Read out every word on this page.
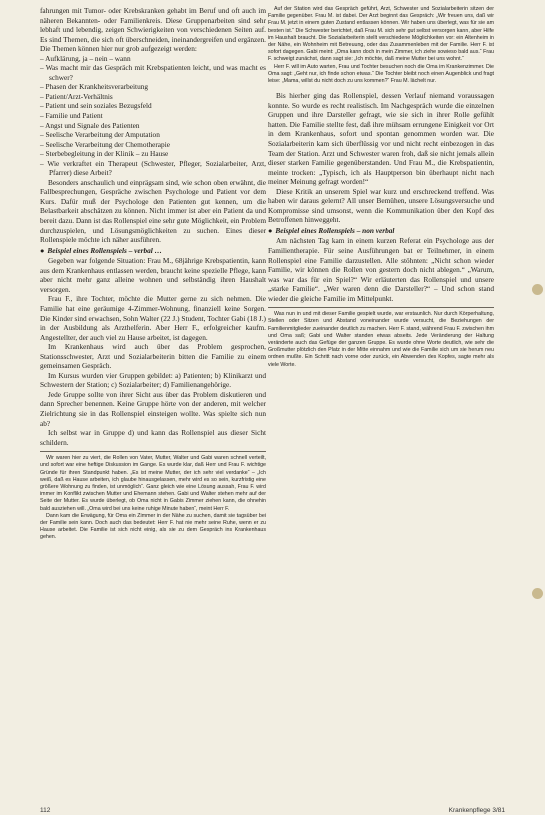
fahrungen mit Tumor- oder Krebskranken gehabt im Beruf und oft auch im näheren Bekannten- oder Familienkreis. Diese Gruppenarbeiten sind sehr lebhaft und lebendig, zeigen Schwierigkeiten von verschiedenen Seiten auf. Es sind Themen, die sich oft überschneiden, ineinandergreifen und ergänzen. Die Themen können hier nur grob aufgezeigt werden:

– Aufklärung, ja – nein – wann
– Was macht mir das Gespräch mit Krebspatienten leicht, und was macht es schwer?
– Phasen der Krankheitsverarbeitung
– Patient/Arzt-Verhältnis
– Patient und sein soziales Bezugsfeld
– Familie und Patient
– Angst und Signale des Patienten
– Seelische Verarbeitung der Amputation
– Seelische Verarbeitung der Chemotherapie
– Sterbebegleitung in der Klinik – zu Hause
– Wie verkraftet ein Therapeut (Schwester, Pfleger, Sozialarbeiter, Arzt, Pfarrer) diese Arbeit?

Besonders anschaulich und einprägsam sind, wie schon oben erwähnt, die Fallbesprechungen, Gespräche zwischen Psychologe und Patient vor dem Kurs. Dafür muß der Psychologe den Patienten gut kennen, um die Belastbarkeit abschätzen zu können. Nicht immer ist aber ein Patient da und bereit dazu. Dann ist das Rollenspiel eine sehr gute Möglichkeit, ein Problem durchzuspielen, und Lösungsmöglichkeiten zu suchen. Eines dieser Rollenspiele möchte ich näher ausführen.

● Beispiel eines Rollenspiels – verbal …

Gegeben war folgende Situation: Frau M., 68jährige Krebspatientin, kann aus dem Krankenhaus entlassen werden, braucht keine spezielle Pflege, kann aber nicht mehr ganz alleine wohnen und selbständig ihren Haushalt versorgen.

Frau F., ihre Tochter, möchte die Mutter gerne zu sich nehmen. Die Familie hat eine geräumige 4-Zimmer-Wohnung, finanziell keine Sorgen. Die Kinder sind erwachsen, Sohn Walter (22 J.) Student, Tochter Gabi (18 J.) in der Ausbildung als Arzthelferin. Aber Herr F., erfolgreicher kaufm. Angestellter, der auch viel zu Hause arbeitet, ist dagegen.

Im Krankenhaus wird auch über das Problem gesprochen, Stationsschwester, Arzt und Sozialarbeiterin bitten die Familie zu einem gemeinsamen Gespräch.

Im Kursus wurden vier Gruppen gebildet: a) Patienten; b) Klinikarzt und Schwestern der Station; c) Sozialarbeiter; d) Familienangehörige.

Jede Gruppe sollte von ihrer Sicht aus über das Problem diskutieren und dann Sprecher benennen. Keine Gruppe hörte von der anderen, mit welcher Zielrichtung sie in das Rollenspiel einsteigen wollte. Was spielte sich nun ab?

Ich selbst war in Gruppe d) und kann das Rollenspiel aus dieser Sicht schildern.

Wir waren hier zu viert, die Rollen von Vater, Mutter, Walter und Gabi waren schnell verteilt, und sofort war eine heftige Diskussion im Gange. Es wurde klar, daß Herr und Frau F. wichtige Gründe für ihren Standpunkt haben. „Es ist meine Mutter, der ich sehr viel verdanke“ – „Ich weiß, daß es Hause arbeiten, ich glaube hinausgelassen, mehr wird es so sein, kurzfristig eine größere Wohnung zu finden, ist unmöglich“. Ganz gleich wie eine Lösung aussah, Frau F. wird immer im Konflikt zwischen Mutter und Ehemann stehen. Gabi und Walter stehen mehr auf der Seite der Mutter. Es wurde überlegt, ob Oma nicht in Gabis Zimmer ziehen kann, die ohnehin bald ausziehen will. „Oma wird bei uns keine ruhige Minute haben“, meint Herr F.

Dann kam die Erwägung, für Oma ein Zimmer in der Nähe zu suchen, damit sie tagsüber bei der Familie sein kann. Doch auch das bedeutet: Herr F. hat nie mehr seine Ruhe, wenn er zu Hause arbeitet. Die Familie ist sich nicht einig, als sie zu dem Gespräch ins Krankenhaus gehen.

Auf der Station wird das Gespräch geführt, Arzt, Schwester und Sozialarbeiterin sitzen der Familie gegenüber. Frau M. ist dabei. Der Arzt beginnt das Gespräch: „Wir freuen uns, daß wir Frau M. jetzt in einem guten Zustand entlassen können. Wir haben uns überlegt, was für sie am besten ist.“ Die Schwester berichtet, daß Frau M. sich sehr gut selbst versorgen kann, aber Hilfe im Haushalt braucht. Die Sozialarbeiterin stellt verschiedene Möglichkeiten vor: ein Altenheim in der Nähe, ein Wohnheim mit Betreuung, oder das Zusammenleben mit der Familie. Herr F. ist sofort dagegen. Gabi meint: „Oma kann doch in mein Zimmer, ich ziehe sowieso bald aus.“ Frau F. schweigt zunächst, dann sagt sie: „Ich möchte, daß meine Mutter bei uns wohnt.“

Herr F. will im Auto warten, Frau und Tochter besuchen noch die Oma im Krankenzimmer. Die Oma sagt: „Geht nur, ich finde schon etwas.“ Die Tochter bleibt noch einen Augenblick und fragt leise: „Mama, willst du nicht doch zu uns kommen?“ Frau M. lächelt nur.

Bis hierher ging das Rollenspiel, dessen Verlauf niemand voraussagen konnte. So wurde es recht realistisch. Im Nachgespräch wurde die einzelnen Gruppen und ihre Darsteller gefragt, wie sie sich in ihrer Rolle gefühlt hatten. Die Familie stellte fest, daß ihre mühsam errungene Einigkeit vor Ort in dem Krankenhaus, sofort und spontan genommen worden war. Die Sozialarbeiterin kam sich überflüssig vor und nicht recht einbezogen in das Team der Station. Arzt und Schwester waren froh, daß sie nicht jemals allein dieser starken Familie gegenüberstanden. Und Frau M., die Krebspatientin, meinte trocken: „Typisch, ich als Hauptperson bin überhaupt nicht nach meiner Meinung gefragt worden!“

Diese Kritik an unserem Spiel war kurz und erschreckend treffend. Was haben wir daraus gelernt? All unser Bemühen, unsere Lösungsversuche und Kompromisse sind umsonst, wenn die Kommunikation über den Kopf des Betroffenen hinweggeht.

● Beispiel eines Rollenspiels – non verbal

Am nächsten Tag kam in einem kurzen Referat ein Psychologe aus der Familientherapie. Für seine Ausführungen bat er Teilnehmer, in einem Rollenspiel eine Familie darzustellen. Alle stöhnten: „Nicht schon wieder Familie, wir können die Rollen von gestern doch nicht ablegen.“ „Warum, was war das für ein Spiel?“ Wir erläuterten das Rollenspiel und unsere „starke Familie“. „Wer waren denn die Darsteller?“ – Und schon stand wieder die gleiche Familie im Mittelpunkt.

Was nun in und mit dieser Familie gespielt wurde, war erstaunlich. Nur durch Körperhaltung, Stellen oder Sitzen und Abstand voneinander wurde versucht, die Beziehungen der Familienmitglieder zueinander deutlich zu machen. Herr F. stand, während Frau F. zwischen ihm und Oma saß; Gabi und Walter standen etwas abseits. Jede Veränderung der Haltung veränderte auch das Gefüge der ganzen Gruppe. Es wurde ohne Worte deutlich, wie sehr die Großmutter plötzlich den Platz in der Mitte einnahm und wie die Familie sich um sie herum neu ordnen mußte. Ein Schritt nach vorne oder zurück, ein Abwenden des Kopfes, sagte mehr als viele Worte.

112	Krankenpflege 3/81
